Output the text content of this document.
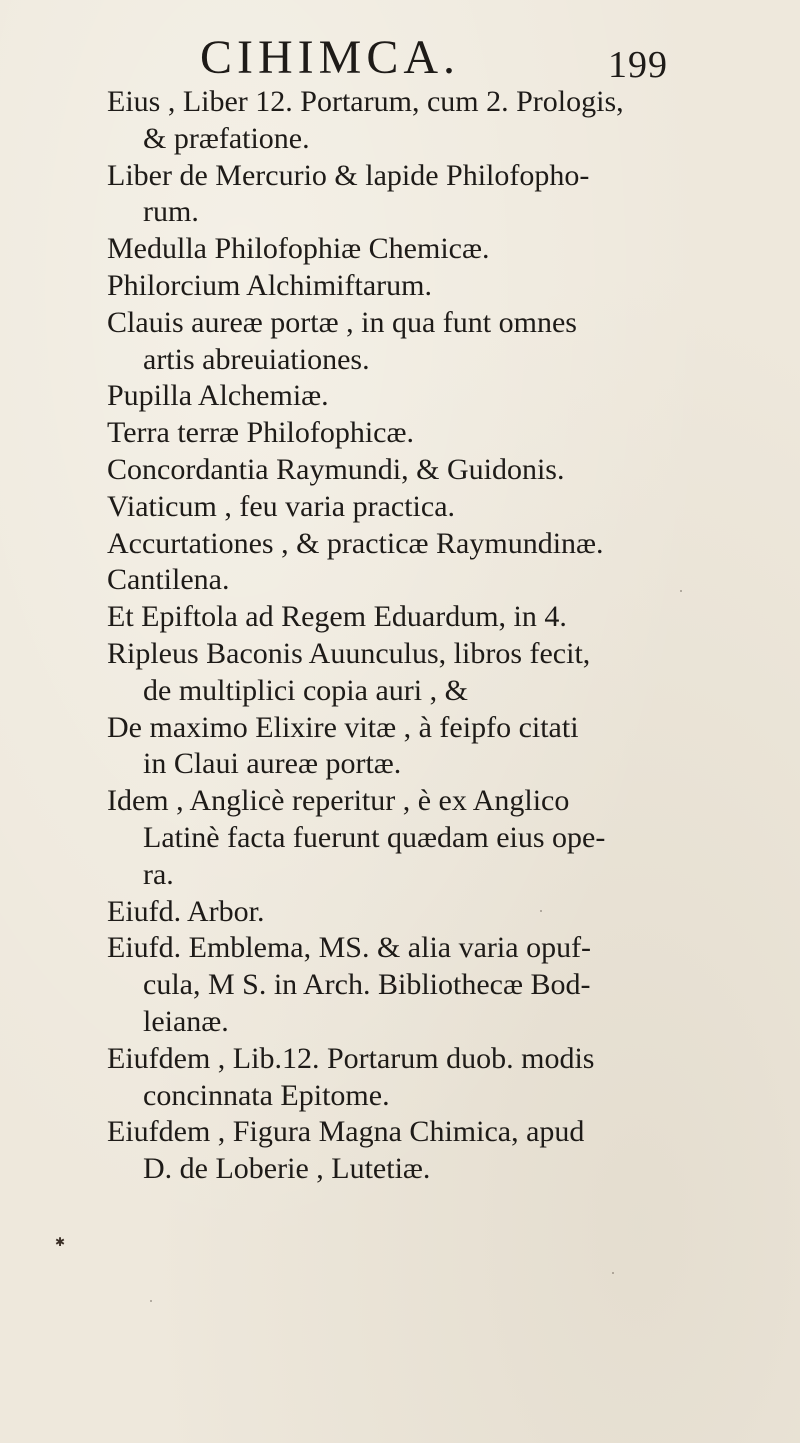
CIHIMCA.	199
Eius , Liber 12. Portarum, cum 2. Prologis,
& præfatione.
Liber de Mercurio & lapide Philofopho-
rum.
Medulla Philofophiæ Chemicæ.
Philorcium Alchimiftarum.
Clauis aureæ portæ , in qua funt omnes
artis abreuiationes.
Pupilla Alchemiæ.
Terra terræ Philofophicæ.
Concordantia Raymundi, & Guidonis.
Viaticum , feu varia practica.
Accurtationes , & practicæ Raymundinæ.
Cantilena.
Et Epiftola ad Regem Eduardum, in 4.
Ripleus Baconis Auunculus, libros fecit,
de multiplici copia auri , &
De maximo Elixire vitæ , à feipfo citati
in Claui aureæ portæ.
Idem , Anglicè reperitur , è ex Anglico
Latinè facta fuerunt quædam eius ope-
ra.
Eiufd. Arbor.
Eiufd. Emblema, MS. & alia varia opuf-
cula, M S. in Arch. Bibliothecæ Bod-
leianæ.
Eiufdem , Lib.12. Portarum duob. modis
concinnata Epitome.
Eiufdem , Figura Magna Chimica, apud
D. de Loberie , Lutetiæ.
✱
